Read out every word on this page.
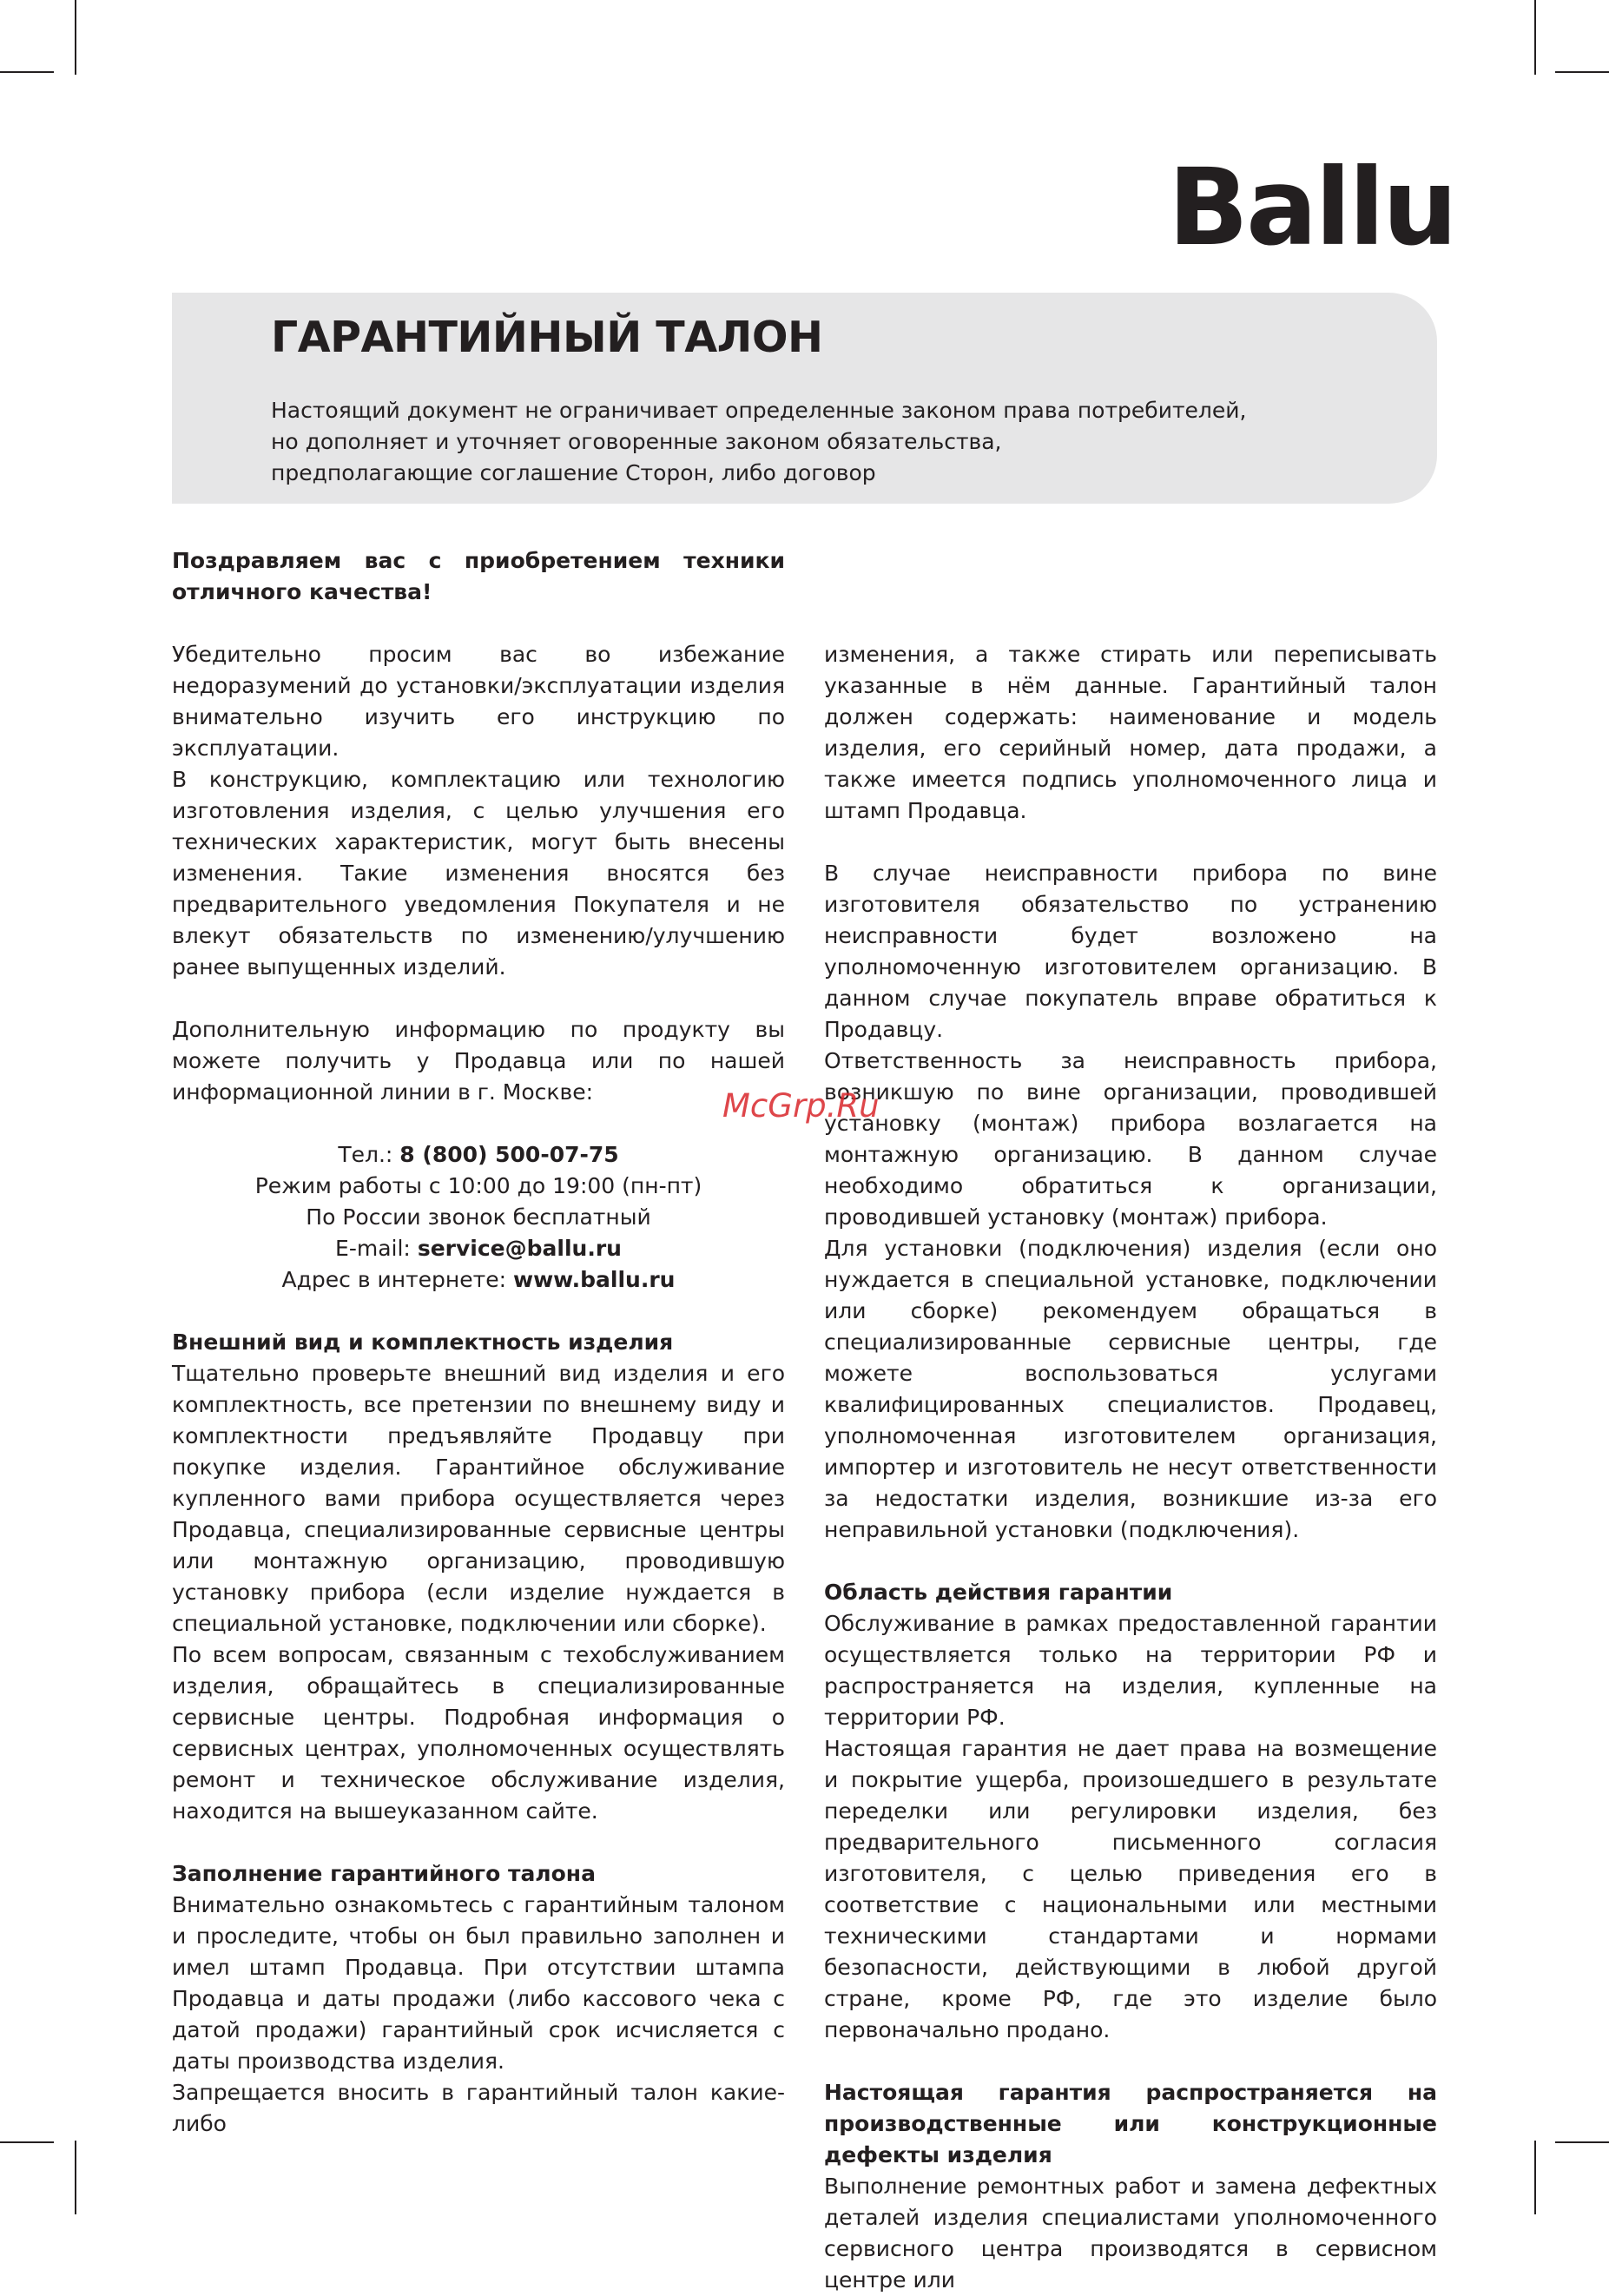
Ballu
ГАРАНТИЙНЫЙ ТАЛОН
Настоящий документ не ограничивает определенные законом права потребителей,
но дополняет и уточняет оговоренные законом обязательства,
предполагающие соглашение Сторон, либо договор
Поздравляем вас с приобретением техники отличного качества!

Убедительно просим вас во избежание недоразумений до установки/эксплуатации изделия внимательно изучить его инструкцию по эксплуатации.

В конструкцию, комплектацию или технологию изготовления изделия, с целью улучшения его технических характеристик, могут быть внесены изменения. Такие изменения вносятся без предварительного уведомления Покупателя и не влекут обязательств по изменению/улучшению ранее выпущенных изделий.

Дополнительную информацию по продукту вы можете получить у Продавца или по нашей информационной линии в г. Москве:

Тел.: 8 (800) 500-07-75
Режим работы с 10:00 до 19:00 (пн-пт)
По России звонок бесплатный
E-mail: service@ballu.ru
Адрес в интернете: www.ballu.ru
Внешний вид и комплектность изделия

Тщательно проверьте внешний вид изделия и его комплектность, все претензии по внешнему виду и комплектности предъявляйте Продавцу при покупке изделия. Гарантийное обслуживание купленного вами прибора осуществляется через Продавца, специализированные сервисные центры или монтажную организацию, проводившую установку прибора (если изделие нуждается в специальной установке, подключении или сборке).

По всем вопросам, связанным с техобслуживанием изделия, обращайтесь в специализированные сервисные центры. Подробная информация о сервисных центрах, уполномоченных осуществлять ремонт и техническое обслуживание изделия, находится на вышеуказанном сайте.

Заполнение гарантийного талона

Внимательно ознакомьтесь с гарантийным талоном и проследите, чтобы он был правильно заполнен и имел штамп Продавца. При отсутствии штампа Продавца и даты продажи (либо кассового чека с датой продажи) гарантийный срок исчисляется с даты производства изделия.

Запрещается вносить в гарантийный талон какие-либо

изменения, а также стирать или переписывать указанные в нём данные. Гарантийный талон должен содержать: наименование и модель изделия, его серийный номер, дата продажи, а также имеется подпись уполномоченного лица и штамп Продавца.

В случае неисправности прибора по вине изготовителя обязательство по устранению неисправности будет возложено на уполномоченную изготовителем организацию. В данном случае покупатель вправе обратиться к Продавцу.

Ответственность за неисправность прибора, возникшую по вине организации, проводившей установку (монтаж) прибора возлагается на монтажную организацию. В данном случае необходимо обратиться к организации, проводившей установку (монтаж) прибора.

Для установки (подключения) изделия (если оно нуждается в специальной установке, подключении или сборке) рекомендуем обращаться в специализированные сервисные центры, где можете воспользоваться услугами квалифицированных специалистов. Продавец, уполномоченная изготовителем организация, импортер и изготовитель не несут ответственности за недостатки изделия, возникшие из-за его неправильной установки (подключения).

Область действия гарантии

Обслуживание в рамках предоставленной гарантии осуществляется только на территории РФ и распространяется на изделия, купленные на территории РФ.

Настоящая гарантия не дает права на возмещение и покрытие ущерба, произошедшего в результате переделки или регулировки изделия, без предварительного письменного согласия изготовителя, с целью приведения его в соответствие с национальными или местными техническими стандартами и нормами безопасности, действующими в любой другой стране, кроме РФ, где это изделие было первоначально продано.

Настоящая гарантия распространяется на производственные или конструкционные дефекты изделия

Выполнение ремонтных работ и замена дефектных деталей изделия специалистами уполномоченного сервисного центра производятся в сервисном центре или

McGrp.Ru
